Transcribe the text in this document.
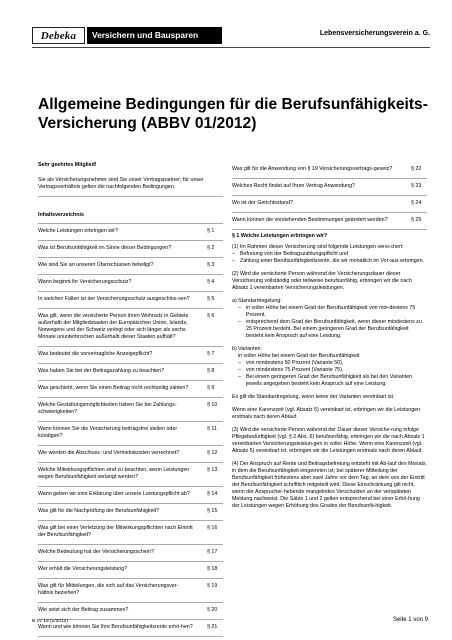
Debeka	Versichern und Bausparen	Lebensversicherungsverein a. G.
Allgemeine Bedingungen für die Berufsunfähigkeits-
Versicherung (ABBV 01/2012)
Sehr geehrtes Mitglied!
Sie als Versicherungsnehmer sind Sie unser Vertragspartner; für unser Vertragsverhältnis gelten die nachfolgenden Bedingungen.
Inhaltsverzeichnis
Welche Leistungen erbringen wir?	§ 1
Was ist Berufsunfähigkeit im Sinne dieser Bedingungen?	§ 2
Wie sind Sie an unseren Überschüssen beteiligt?	§ 3
Wann beginnt Ihr Versicherungsschutz?	§ 4
In welchen Fällen ist der Versicherungsschutz ausgeschlos-sen?	§ 5
Was gilt, wenn die versicherte Person ihren Wohnsitz in Gebiete außerhalb der Mitgliedstaaten der Europäischen Union, Islands, Norwegens und der Schweiz verlegt oder sich länger als sechs Monate ununterbrochen außerhalb dieser Staaten aufhält?
§ 6
Was bedeutet die vorvertragliche Anzeigepflicht?	§ 7
Was haben Sie bei der Beitragszahlung zu beachten?	§ 8
Was geschieht, wenn Sie einen Beitrag nicht rechtzeitig zahlen?	§ 9
Welche Gestaltungsmöglichkeiten haben Sie bei Zahlungs-schwierigkeiten?
§ 10
Wann können Sie die Versicherung beitragsfrei stellen oder kündigen?
§ 11
Wie werden die Abschluss- und Vertriebskosten verrechnet?	§ 12
Welche Mitwirkungspflichten sind zu beachten, wenn Leistungen wegen Berufsunfähigkeit verlangt werden?
§ 13
Wann geben wir eine Erklärung über unsere Leistungspflicht ab?	§ 14
Was gilt für die Nachprüfung der Berufsunfähigkeit?	§ 15
Was gilt bei einer Verletzung der Mitwirkungspflichten nach Eintritt der Berufsunfähigkeit?
§ 16
Welche Bedeutung hat der Versicherungsschein?	§ 17
Wer erhält die Versicherungsleistung?	§ 18
Was gilt für Mitteilungen, die sich auf das Versicherungsver-hältnis beziehen?
§ 19
Wie setzt sich der Beitrag zusammen?	§ 20
Wann und wie können Sie Ihre Berufsunfähigkeitsrente erhö-hen?	§ 21
Was gilt für die Anwendung von § 19 Versicherungsvertrags-gesetz?	§ 22
Welches Recht findet auf Ihren Vertrag Anwendung?	§ 23
Wo ist der Gerichtsstand?	§ 24
Wann können die vorstehenden Bestimmungen geändert werden?	§ 25
§ 1 Welche Leistungen erbringen wir?
(1) Im Rahmen dieser Versicherung sind folgende Leistungen versi-chert:
– Befreiung von der Beitragszahlungspflicht und
– Zahlung einer Berufsunfähigkeitsrente, die wir monatlich im Vor-aus erbringen.
(2) Wird die versicherte Person während der Versicherungsdauer dieser Versicherung vollständig oder teilweise berufsunfähig, erbringen wir die nach Absatz 1 vereinbarten Versicherungsleistungen,
a) Standardregelung:
– in voller Höhe bei einem Grad der Berufsunfähigkeit von min-destens 75 Prozent,
– entsprechend dem Grad der Berufsunfähigkeit, wenn dieser mindestens zu 25 Prozent besteht. Bei einem geringeren Grad der Berufsunfähigkeit besteht kein Anspruch auf eine Leistung.
b) Varianten:
in voller Höhe bei einem Grad der Berufsunfähigkeit
– von mindestens 50 Prozent (Variante 50),
– von mindestens 75 Prozent (Variante 75).
– Bei einem geringeren Grad der Berufsunfähigkeit als bei den Varianten jeweils angegeben besteht kein Anspruch auf eine Leistung.
Es gilt die Standardregelung, wenn keine der Varianten vereinbart ist.
Wenn eine Karenzzeit (vgl. Absatz 5) vereinbart ist, erbringen wir die Leistungen erstmals nach deren Ablauf.
(3) Wird die versicherte Person während der Dauer dieser Versiche-rung infolge Pflegebedürftigkeit (vgl. § 2 Abs. 6) berufsunfähig, erbringen wir die nach Absatz 1 vereinbarten Versicherungsleistun-gen in voller Höhe. Wenn eine Karenzzeit (vgl. Absatz 5) vereinbart ist, erbringen wir die Leistungen erstmals nach deren Ablauf.
(4) Der Anspruch auf Rente und Beitragsbefreiung entsteht mit Ab-lauf des Monats, in dem die Berufsunfähigkeit eingetreten ist; bei späterer Mitteilung der Berufsunfähigkeit frühestens aber zwei Jahre vor dem Tag, an dem uns der Eintritt der Berufsunfähigkeit schriftlich mitgeteilt wird. Diese Einschränkung gilt nicht, wenn der Ansprucher-hebende mangelndes Verschulden an der verspäteten Meldung nachweist. Die Sätze 1 und 2 gelten entsprechend bei einer Erhö-hung der Leistungen wegen Erhöhung des Grades der Berufsunfä-higkeit.
B LV 19 (1/2012)	Seite 1 von 9
